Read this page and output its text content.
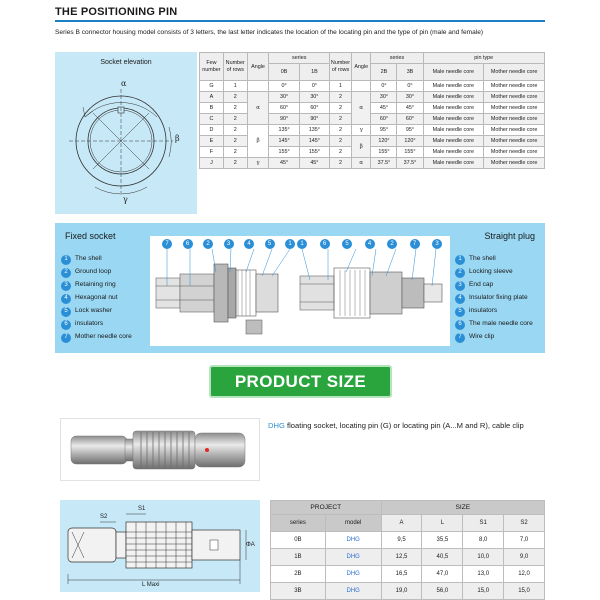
THE POSITIONING PIN
Series B connector housing model consists of 3 letters, the last letter indicates the location of the locating pin and the type of pin (male and female)
Socket elevation
α
β
γ
Few number	Number of rows	Angle	series		Number of rows	Angle	series		pin type	
			0B	1B			2B	3B	Male needle core	Mother needle core
G	1		0°	0°	1		0°	0°	Male needle core	Mother needle core
A	2	α	30°	30°	2	α	30°	30°	Male needle core	Mother needle core
B	2		60°	60°	2		45°	45°	Male needle core	Mother needle core
C	2		90°	90°	2		60°	60°	Male needle core	Mother needle core
D	2	β	135°	135°	2	γ	95°	95°	Male needle core	Mother needle core
E	2		145°	145°	2	β	120°	120°	Male needle core	Mother needle core
F	2		155°	155°	2		155°	155°	Male needle core	Mother needle core
J	2	γ	45°	45°	2	α	37.5°	37.5°	Male needle core	Mother needle core
Fixed socket	Straight plug
1	The shell
2	Ground loop
3	Retaining ring
4	Hexagonal nut
5	Lock washer
6	insulators
7	Mother needle core
1	The shell
2	Locking sleeve
3	End cap
4	Insulator fixing plate
5	insulators
6	The male needle core
7	Wire clip
7	6	2	3	4	5	1	1	6	5	4	2	7	3
PRODUCT SIZE
DHG floating socket, locating pin (G) or locating pin (A...M and R), cable clip
S2
S1
ΦA
L Maxi
PROJECT		SIZE			
series	model	A	L	S1	S2
0B	DHG	9,5	35,5	8,0	7,0
1B	DHG	12,5	40,5	10,0	9,0
2B	DHG	16,5	47,0	13,0	12,0
3B	DHG	19,0	56,0	15,0	15,0
